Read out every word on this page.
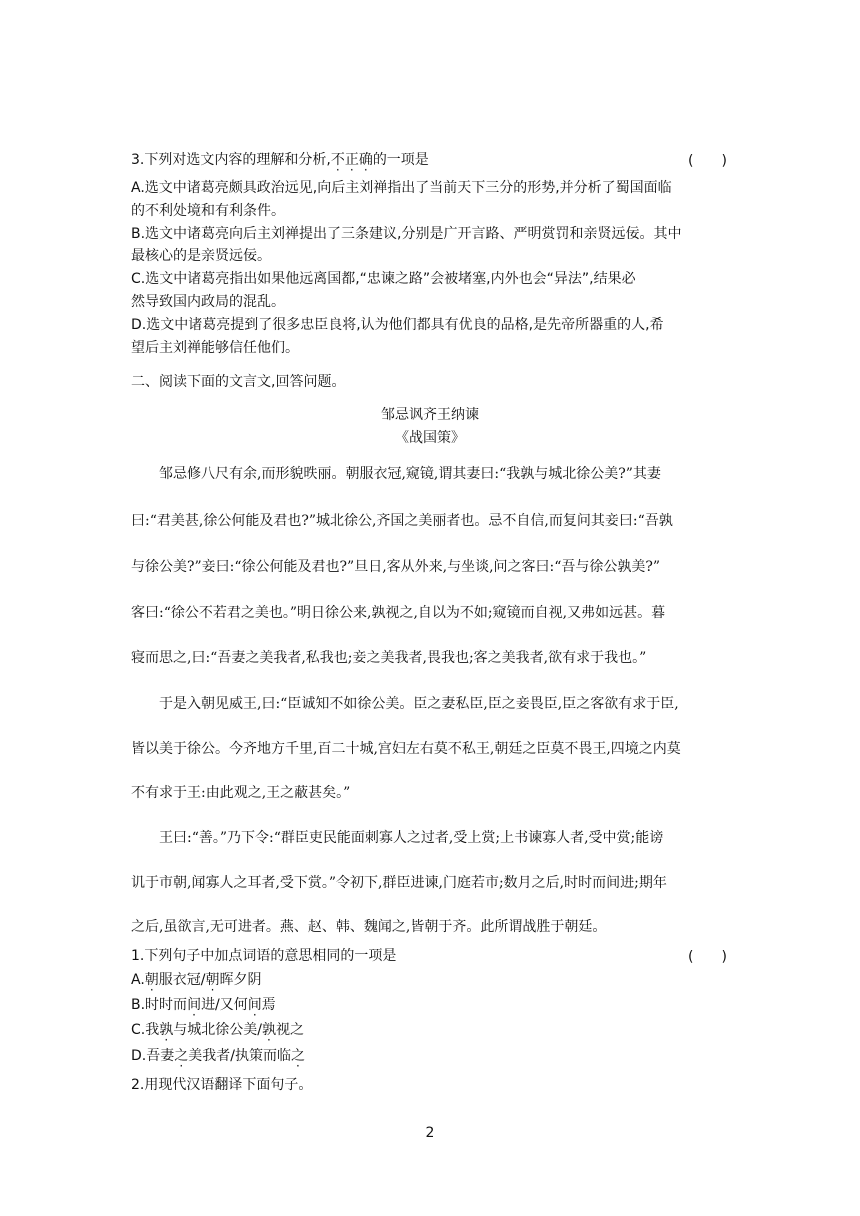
3.下列对选文内容的理解和分析,不正确的一项是	(　　)
A.选文中诸葛亮颇具政治远见,向后主刘禅指出了当前天下三分的形势,并分析了蜀国面临
的不利处境和有利条件。
B.选文中诸葛亮向后主刘禅提出了三条建议,分别是广开言路、严明赏罚和亲贤远佞。其中
最核心的是亲贤远佞。
C.选文中诸葛亮指出如果他远离国都,“忠谏之路”会被堵塞,内外也会“异法”,结果必
然导致国内政局的混乱。
D.选文中诸葛亮提到了很多忠臣良将,认为他们都具有优良的品格,是先帝所器重的人,希
望后主刘禅能够信任他们。
二、阅读下面的文言文,回答问题。
邹忌讽齐王纳谏
《战国策》
　　邹忌修八尺有余,而形貌昳丽。朝服衣冠,窥镜,谓其妻曰:“我孰与城北徐公美?”其妻
曰:“君美甚,徐公何能及君也?”城北徐公,齐国之美丽者也。忌不自信,而复问其妾曰:“吾孰
与徐公美?”妾曰:“徐公何能及君也?”旦日,客从外来,与坐谈,问之客曰:“吾与徐公孰美?”
客曰:“徐公不若君之美也。”明日徐公来,孰视之,自以为不如;窥镜而自视,又弗如远甚。暮
寝而思之,曰:“吾妻之美我者,私我也;妾之美我者,畏我也;客之美我者,欲有求于我也。”
　　于是入朝见威王,曰:“臣诚知不如徐公美。臣之妻私臣,臣之妾畏臣,臣之客欲有求于臣,
皆以美于徐公。今齐地方千里,百二十城,宫妇左右莫不私王,朝廷之臣莫不畏王,四境之内莫
不有求于王:由此观之,王之蔽甚矣。”
　　王曰:“善。”乃下令:“群臣吏民能面刺寡人之过者,受上赏;上书谏寡人者,受中赏;能谤
讥于市朝,闻寡人之耳者,受下赏。”令初下,群臣进谏,门庭若市;数月之后,时时而间进;期年
之后,虽欲言,无可进者。燕、赵、韩、魏闻之,皆朝于齐。此所谓战胜于朝廷。
1.下列句子中加点词语的意思相同的一项是	(　　)
A.朝服衣冠/朝晖夕阴
B.时时而间进/又何间焉
C.我孰与城北徐公美/孰视之
D.吾妻之美我者/执策而临之
2.用现代汉语翻译下面句子。
2
